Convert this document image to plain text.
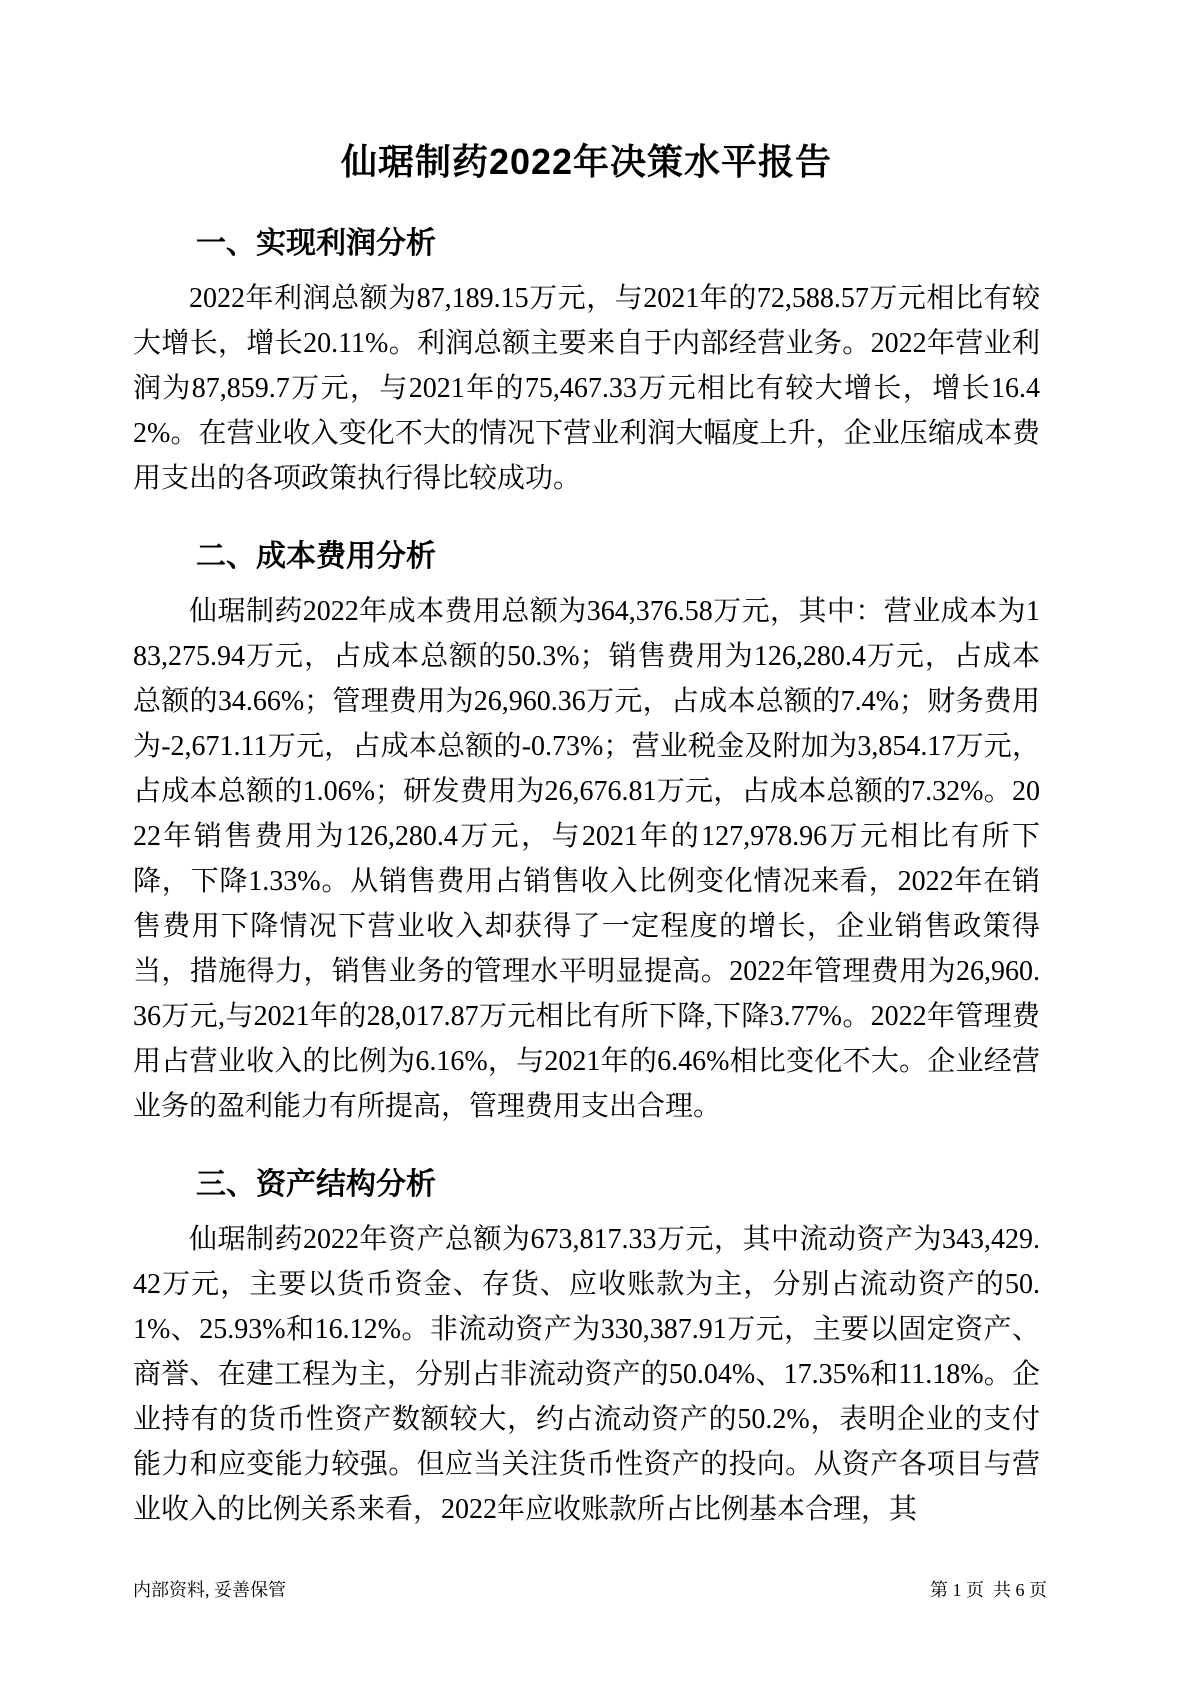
仙琚制药2022年决策水平报告
一、实现利润分析

2022年利润总额为87,189.15万元，与2021年的72,588.57万元相比有较大增长，增长20.11%。利润总额主要来自于内部经营业务。2022年营业利润为87,859.7万元，与2021年的75,467.33万元相比有较大增长，增长16.42%。在营业收入变化不大的情况下营业利润大幅度上升，企业压缩成本费用支出的各项政策执行得比较成功。

二、成本费用分析

仙琚制药2022年成本费用总额为364,376.58万元，其中：营业成本为183,275.94万元，占成本总额的50.3%；销售费用为126,280.4万元，占成本总额的34.66%；管理费用为26,960.36万元，占成本总额的7.4%；财务费用为-2,671.11万元，占成本总额的-0.73%；营业税金及附加为3,854.17万元，占成本总额的1.06%；研发费用为26,676.81万元，占成本总额的7.32%。2022年销售费用为126,280.4万元，与2021年的127,978.96万元相比有所下降，下降1.33%。从销售费用占销售收入比例变化情况来看，2022年在销售费用下降情况下营业收入却获得了一定程度的增长，企业销售政策得当，措施得力，销售业务的管理水平明显提高。2022年管理费用为26,960.36万元,与2021年的28,017.87万元相比有所下降,下降3.77%。2022年管理费用占营业收入的比例为6.16%，与2021年的6.46%相比变化不大。企业经营业务的盈利能力有所提高，管理费用支出合理。

三、资产结构分析

仙琚制药2022年资产总额为673,817.33万元，其中流动资产为343,429.42万元，主要以货币资金、存货、应收账款为主，分别占流动资产的50.1%、25.93%和16.12%。非流动资产为330,387.91万元，主要以固定资产、商誉、在建工程为主，分别占非流动资产的50.04%、17.35%和11.18%。企业持有的货币性资产数额较大，约占流动资产的50.2%，表明企业的支付能力和应变能力较强。但应当关注货币性资产的投向。从资产各项目与营业收入的比例关系来看，2022年应收账款所占比例基本合理，其

内部资料, 妥善保管	第 1 页  共 6 页
